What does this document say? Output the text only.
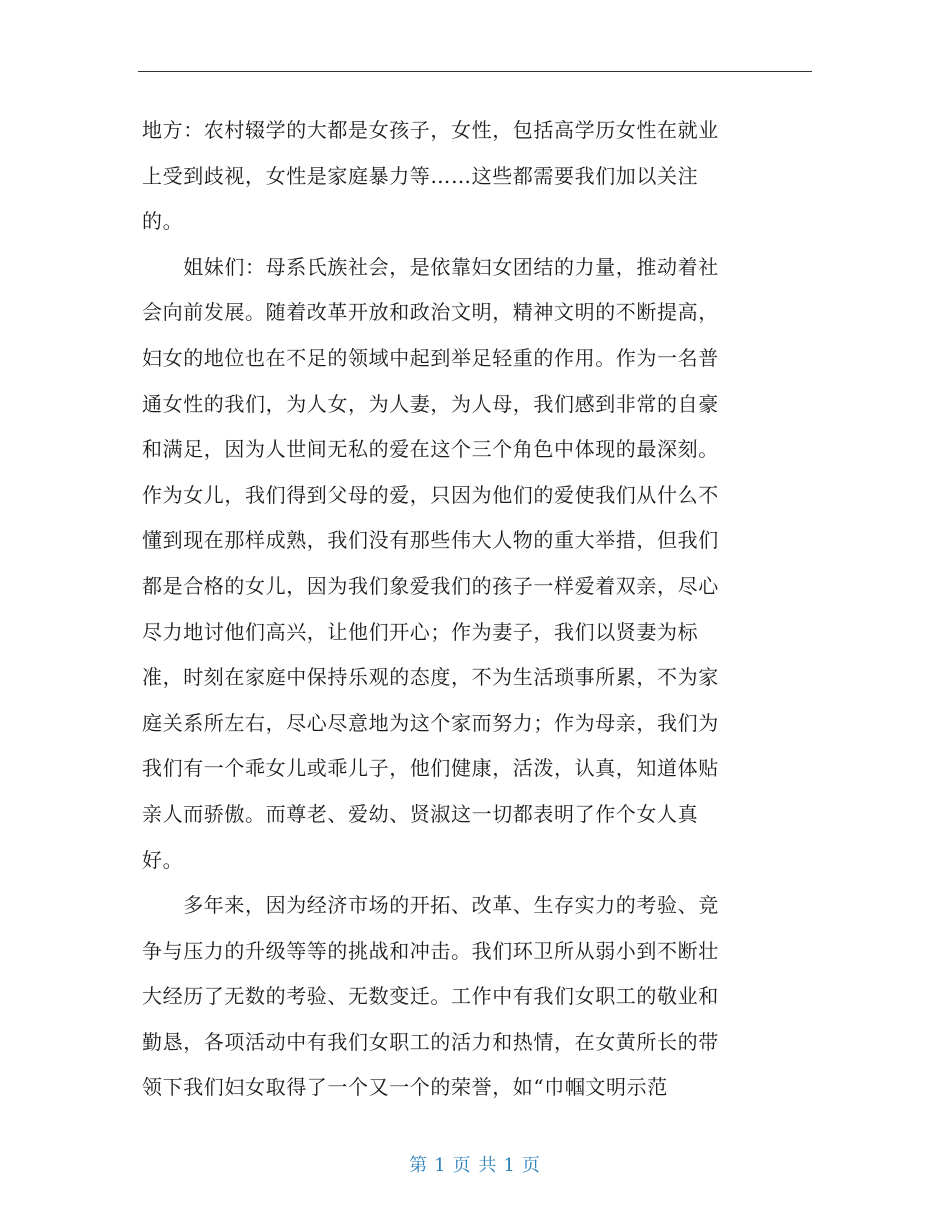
地方：农村辍学的大都是女孩子，女性，包括高学历女性在就业
上受到歧视，女性是家庭暴力等……这些都需要我们加以关注
的。
　　姐妹们：母系氏族社会，是依靠妇女团结的力量，推动着社
会向前发展。随着改革开放和政治文明，精神文明的不断提高，
妇女的地位也在不足的领域中起到举足轻重的作用。作为一名普
通女性的我们，为人女，为人妻，为人母，我们感到非常的自豪
和满足，因为人世间无私的爱在这个三个角色中体现的最深刻。
作为女儿，我们得到父母的爱，只因为他们的爱使我们从什么不
懂到现在那样成熟，我们没有那些伟大人物的重大举措，但我们
都是合格的女儿，因为我们象爱我们的孩子一样爱着双亲，尽心
尽力地讨他们高兴，让他们开心；作为妻子，我们以贤妻为标
准，时刻在家庭中保持乐观的态度，不为生活琐事所累，不为家
庭关系所左右，尽心尽意地为这个家而努力；作为母亲，我们为
我们有一个乖女儿或乖儿子，他们健康，活泼，认真，知道体贴
亲人而骄傲。而尊老、爱幼、贤淑这一切都表明了作个女人真
好。
　　多年来，因为经济市场的开拓、改革、生存实力的考验、竞
争与压力的升级等等的挑战和冲击。我们环卫所从弱小到不断壮
大经历了无数的考验、无数变迁。工作中有我们女职工的敬业和
勤恳，各项活动中有我们女职工的活力和热情，在女黄所长的带
领下我们妇女取得了一个又一个的荣誉，如“巾帼文明示范
第 1 页 共 1 页
